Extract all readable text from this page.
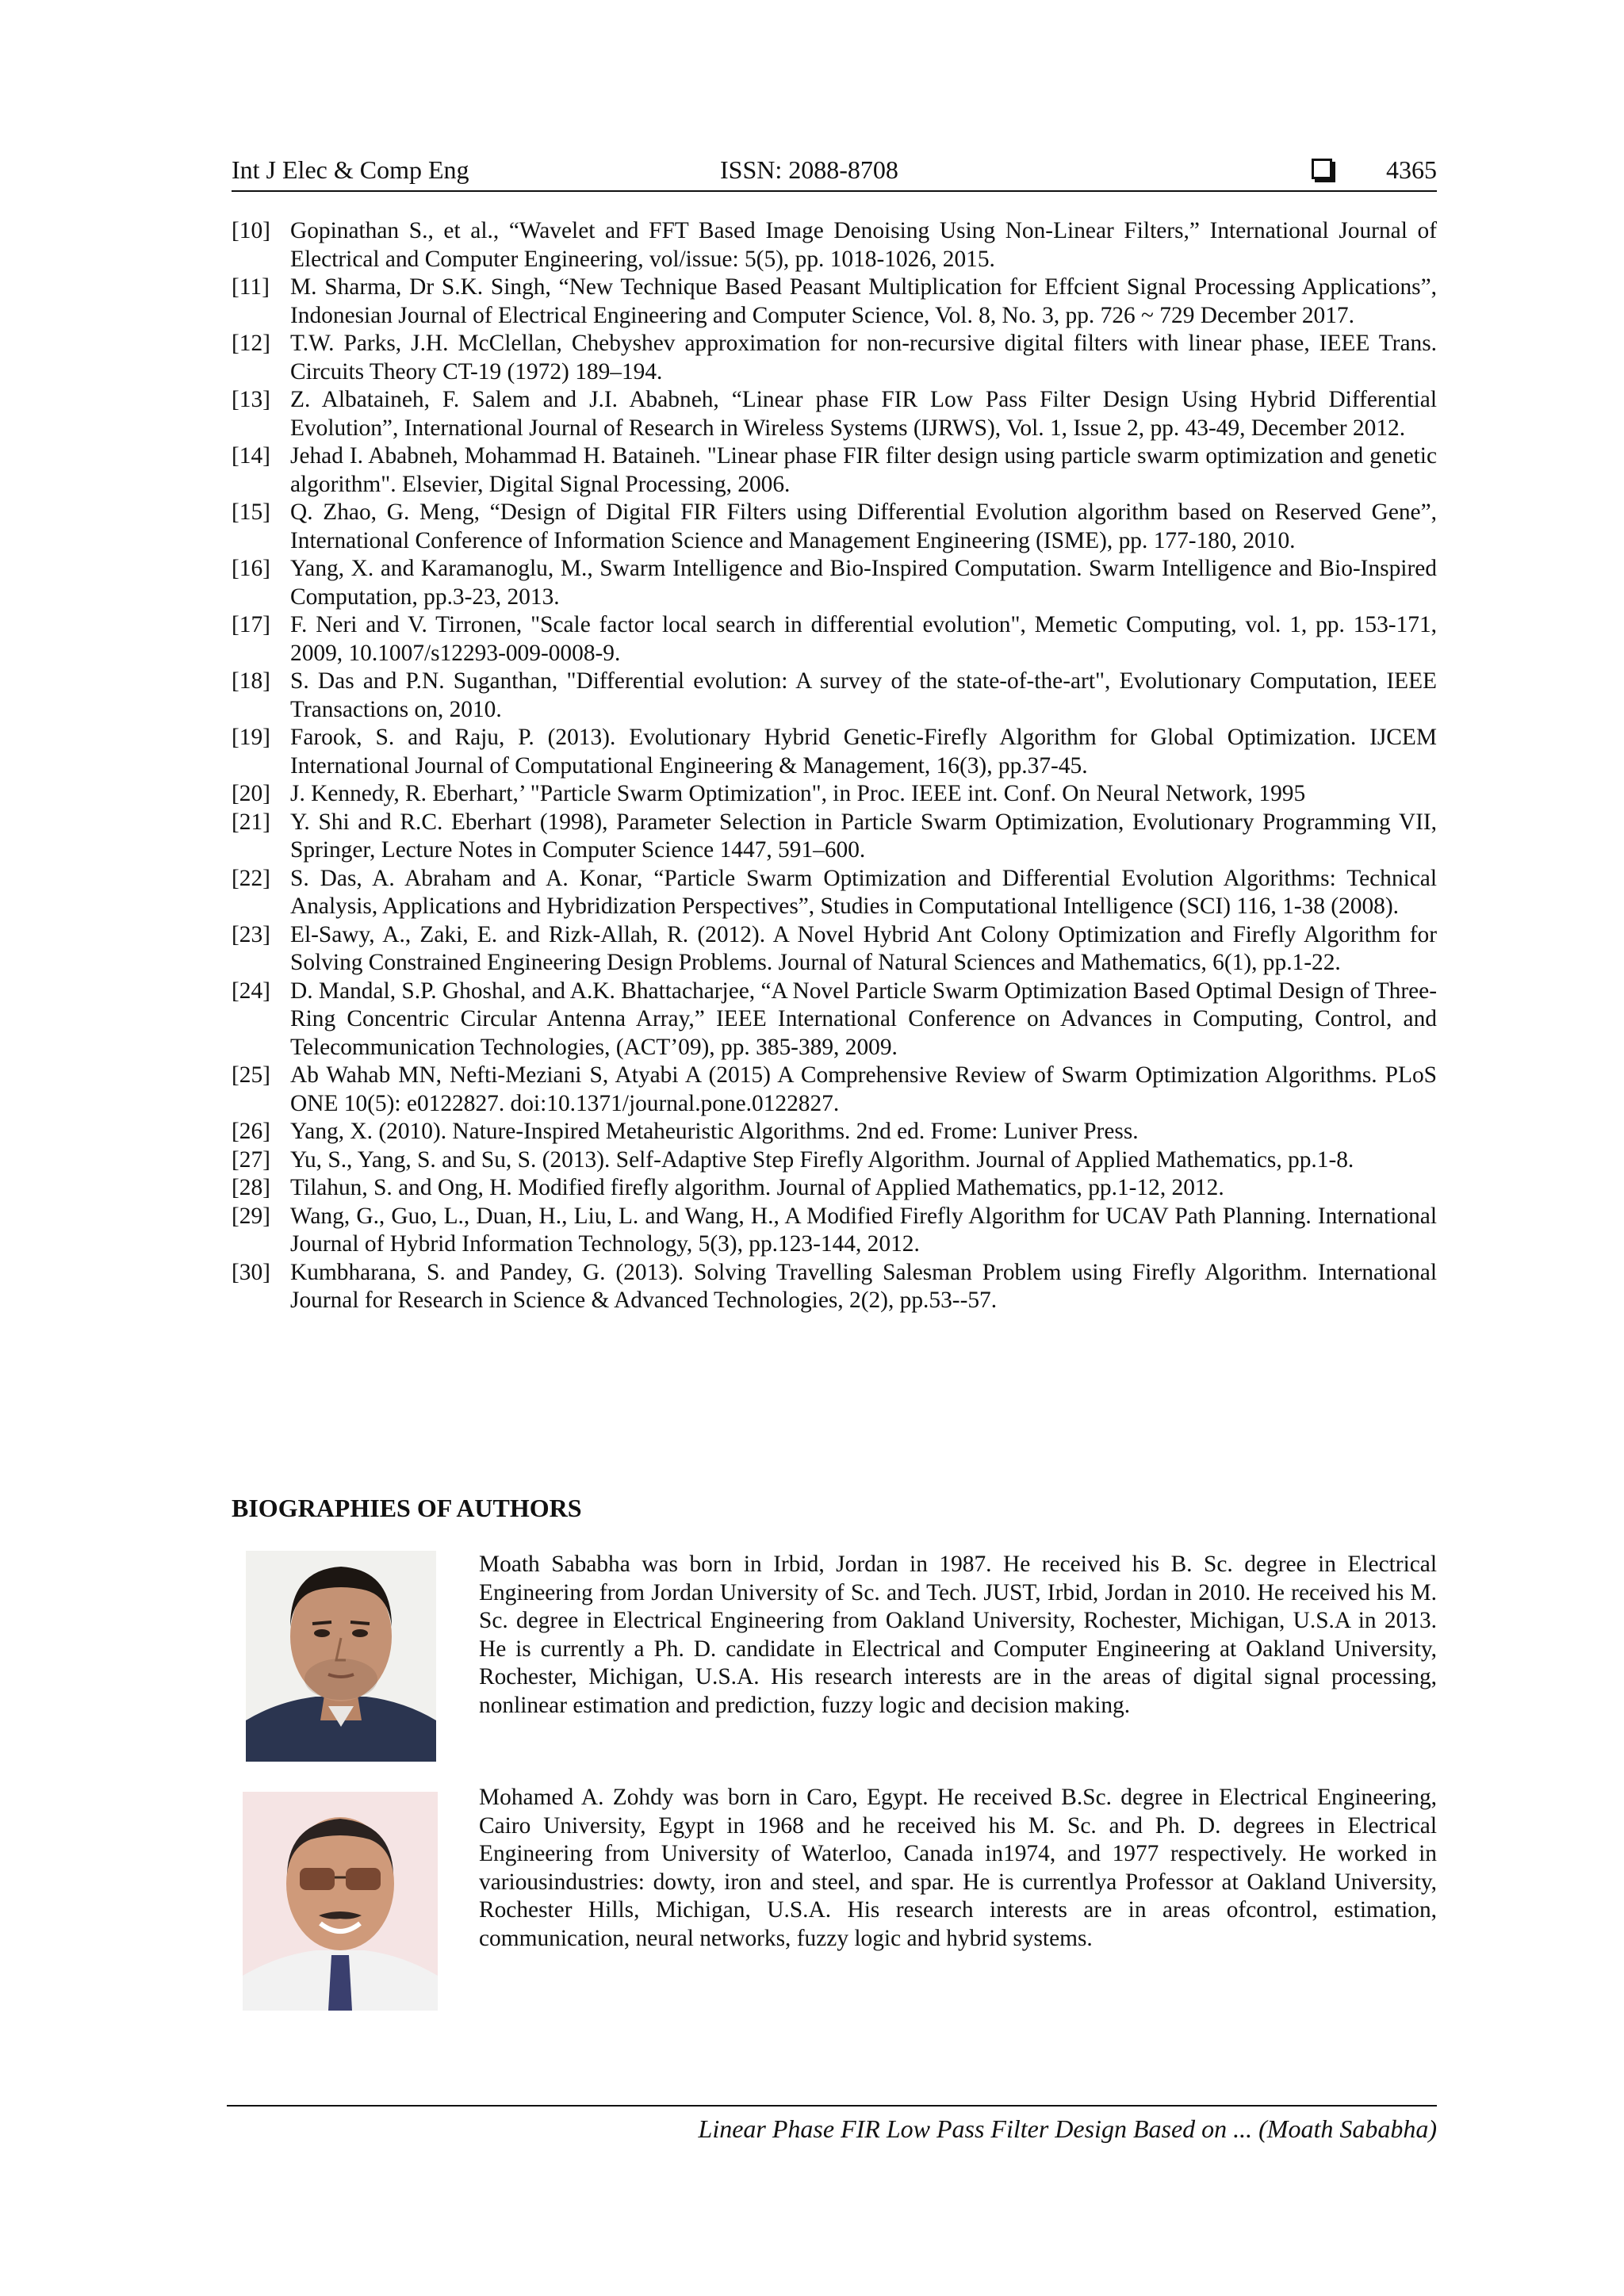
Int J Elec & Comp Eng	ISSN: 2088-8708	4365
[10] Gopinathan S., et al., “Wavelet and FFT Based Image Denoising Using Non-Linear Filters,” International Journal of Electrical and Computer Engineering, vol/issue: 5(5), pp. 1018-1026, 2015.
[11] M. Sharma, Dr S.K. Singh, “New Technique Based Peasant Multiplication for Effcient Signal Processing Applications”, Indonesian Journal of Electrical Engineering and Computer Science, Vol. 8, No. 3, pp. 726 ~ 729 December 2017.
[12] T.W. Parks, J.H. McClellan, Chebyshev approximation for non-recursive digital filters with linear phase, IEEE Trans. Circuits Theory CT-19 (1972) 189–194.
[13] Z. Albataineh, F. Salem and J.I. Ababneh, “Linear phase FIR Low Pass Filter Design Using Hybrid Differential Evolution”, International Journal of Research in Wireless Systems (IJRWS), Vol. 1, Issue 2, pp. 43-49, December 2012.
[14] Jehad I. Ababneh, Mohammad H. Bataineh. "Linear phase FIR filter design using particle swarm optimization and genetic algorithm". Elsevier, Digital Signal Processing, 2006.
[15] Q. Zhao, G. Meng, “Design of Digital FIR Filters using Differential Evolution algorithm based on Reserved Gene”, International Conference of Information Science and Management Engineering (ISME), pp. 177-180, 2010.
[16] Yang, X. and Karamanoglu, M., Swarm Intelligence and Bio-Inspired Computation. Swarm Intelligence and Bio-Inspired Computation, pp.3-23, 2013.
[17] F. Neri and V. Tirronen, "Scale factor local search in differential evolution", Memetic Computing, vol. 1, pp. 153-171, 2009, 10.1007/s12293-009-0008-9.
[18] S. Das and P.N. Suganthan, "Differential evolution: A survey of the state-of-the-art", Evolutionary Computation, IEEE Transactions on, 2010.
[19] Farook, S. and Raju, P. (2013). Evolutionary Hybrid Genetic-Firefly Algorithm for Global Optimization. IJCEM International Journal of Computational Engineering & Management, 16(3), pp.37-45.
[20] J. Kennedy, R. Eberhart,’ "Particle Swarm Optimization", in Proc. IEEE int. Conf. On Neural Network, 1995
[21] Y. Shi and R.C. Eberhart (1998), Parameter Selection in Particle Swarm Optimization, Evolutionary Programming VII, Springer, Lecture Notes in Computer Science 1447, 591–600.
[22] S. Das, A. Abraham and A. Konar, “Particle Swarm Optimization and Differential Evolution Algorithms: Technical Analysis, Applications and Hybridization Perspectives”, Studies in Computational Intelligence (SCI) 116, 1-38 (2008).
[23] El-Sawy, A., Zaki, E. and Rizk-Allah, R. (2012). A Novel Hybrid Ant Colony Optimization and Firefly Algorithm for Solving Constrained Engineering Design Problems. Journal of Natural Sciences and Mathematics, 6(1), pp.1-22.
[24] D. Mandal, S.P. Ghoshal, and A.K. Bhattacharjee, “A Novel Particle Swarm Optimization Based Optimal Design of Three-Ring Concentric Circular Antenna Array,” IEEE International Conference on Advances in Computing, Control, and Telecommunication Technologies, (ACT’09), pp. 385-389, 2009.
[25] Ab Wahab MN, Nefti-Meziani S, Atyabi A (2015) A Comprehensive Review of Swarm Optimization Algorithms. PLoS ONE 10(5): e0122827. doi:10.1371/journal.pone.0122827.
[26] Yang, X. (2010). Nature-Inspired Metaheuristic Algorithms. 2nd ed. Frome: Luniver Press.
[27] Yu, S., Yang, S. and Su, S. (2013). Self-Adaptive Step Firefly Algorithm. Journal of Applied Mathematics, pp.1-8.
[28] Tilahun, S. and Ong, H. Modified firefly algorithm. Journal of Applied Mathematics, pp.1-12, 2012.
[29] Wang, G., Guo, L., Duan, H., Liu, L. and Wang, H., A Modified Firefly Algorithm for UCAV Path Planning. International Journal of Hybrid Information Technology, 5(3), pp.123-144, 2012.
[30] Kumbharana, S. and Pandey, G. (2013). Solving Travelling Salesman Problem using Firefly Algorithm. International Journal for Research in Science & Advanced Technologies, 2(2), pp.53--57.
BIOGRAPHIES OF AUTHORS
Moath Sababha was born in Irbid, Jordan in 1987. He received his B. Sc. degree in Electrical Engineering from Jordan University of Sc. and Tech. JUST, Irbid, Jordan in 2010. He received his M. Sc. degree in Electrical Engineering from Oakland University, Rochester, Michigan, U.S.A in 2013. He is currently a Ph. D. candidate in Electrical and Computer Engineering at Oakland University, Rochester, Michigan, U.S.A. His research interests are in the areas of digital signal processing, nonlinear estimation and prediction, fuzzy logic and decision making.
Mohamed A. Zohdy was born in Caro, Egypt. He received B.Sc. degree in Electrical Engineering, Cairo University, Egypt in 1968 and he received his M. Sc. and Ph. D. degrees in Electrical Engineering from University of Waterloo, Canada in1974, and 1977 respectively. He worked in variousindustries: dowty, iron and steel, and spar. He is currentlya Professor at Oakland University, Rochester Hills, Michigan, U.S.A. His research interests are in areas ofcontrol, estimation, communication, neural networks, fuzzy logic and hybrid systems.
Linear Phase FIR Low Pass Filter Design Based on ... (Moath Sababha)
